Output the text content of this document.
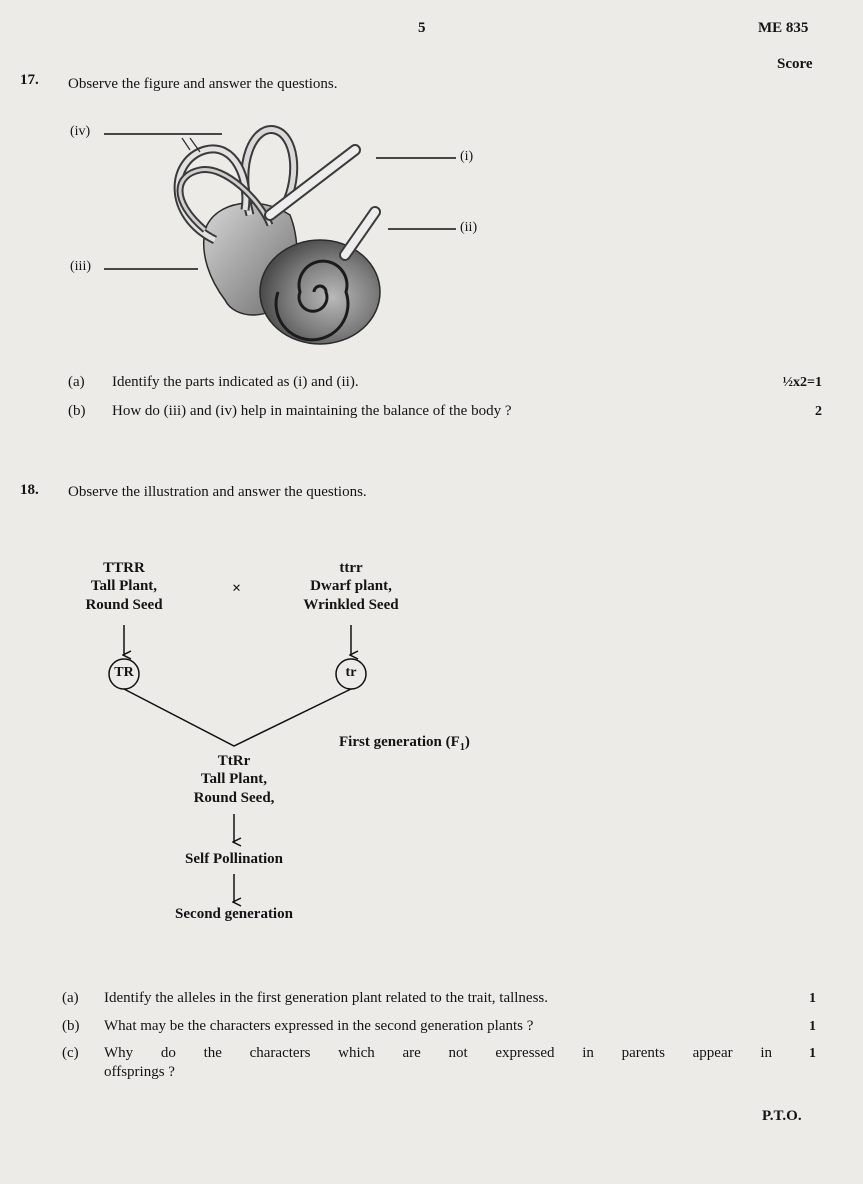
5	ME 835
Score
17. Observe the figure and answer the questions.
(iv)
(i)
(ii)
(iii)
(a) Identify the parts indicated as (i) and (ii).	½x2=1
(b) How do (iii) and (iv) help in maintaining the balance of the body ?	2
18. Observe the illustration and answer the questions.
TTRR
Tall Plant,
Round Seed
×
ttrr
Dwarf plant,
Wrinkled Seed
TR	tr
First generation $(F_1)$
TtRr
Tall Plant,
Round Seed,
Self Pollination
Second generation
(a) Identify the alleles in the first generation plant related to the trait, tallness.	1
(b) What may be the characters expressed in the second generation plants ?	1
(c) Why do the characters which are not expressed in parents appear in
offsprings ?
1
P.T.O.
